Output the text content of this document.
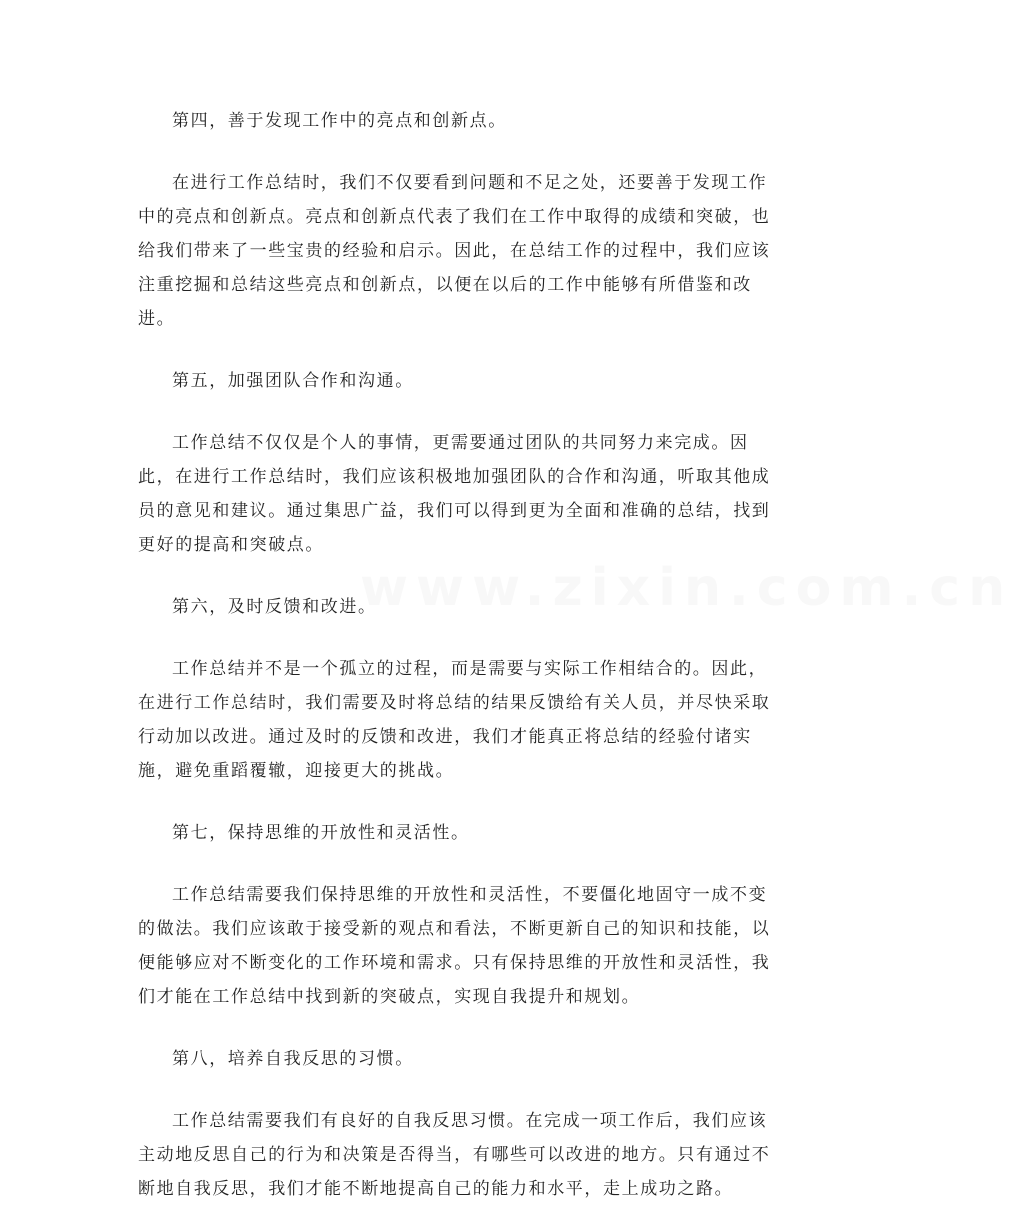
www.zixin.com.cn

第四，善于发现工作中的亮点和创新点。

在进行工作总结时，我们不仅要看到问题和不足之处，还要善于发现工作中的亮点和创新点。亮点和创新点代表了我们在工作中取得的成绩和突破，也给我们带来了一些宝贵的经验和启示。因此，在总结工作的过程中，我们应该注重挖掘和总结这些亮点和创新点，以便在以后的工作中能够有所借鉴和改进。

第五，加强团队合作和沟通。

工作总结不仅仅是个人的事情，更需要通过团队的共同努力来完成。因此，在进行工作总结时，我们应该积极地加强团队的合作和沟通，听取其他成员的意见和建议。通过集思广益，我们可以得到更为全面和准确的总结，找到更好的提高和突破点。

第六，及时反馈和改进。

工作总结并不是一个孤立的过程，而是需要与实际工作相结合的。因此，在进行工作总结时，我们需要及时将总结的结果反馈给有关人员，并尽快采取行动加以改进。通过及时的反馈和改进，我们才能真正将总结的经验付诸实施，避免重蹈覆辙，迎接更大的挑战。

第七，保持思维的开放性和灵活性。

工作总结需要我们保持思维的开放性和灵活性，不要僵化地固守一成不变的做法。我们应该敢于接受新的观点和看法，不断更新自己的知识和技能，以便能够应对不断变化的工作环境和需求。只有保持思维的开放性和灵活性，我们才能在工作总结中找到新的突破点，实现自我提升和规划。

第八，培养自我反思的习惯。

工作总结需要我们有良好的自我反思习惯。在完成一项工作后，我们应该主动地反思自己的行为和决策是否得当，有哪些可以改进的地方。只有通过不断地自我反思，我们才能不断地提高自己的能力和水平，走上成功之路。
